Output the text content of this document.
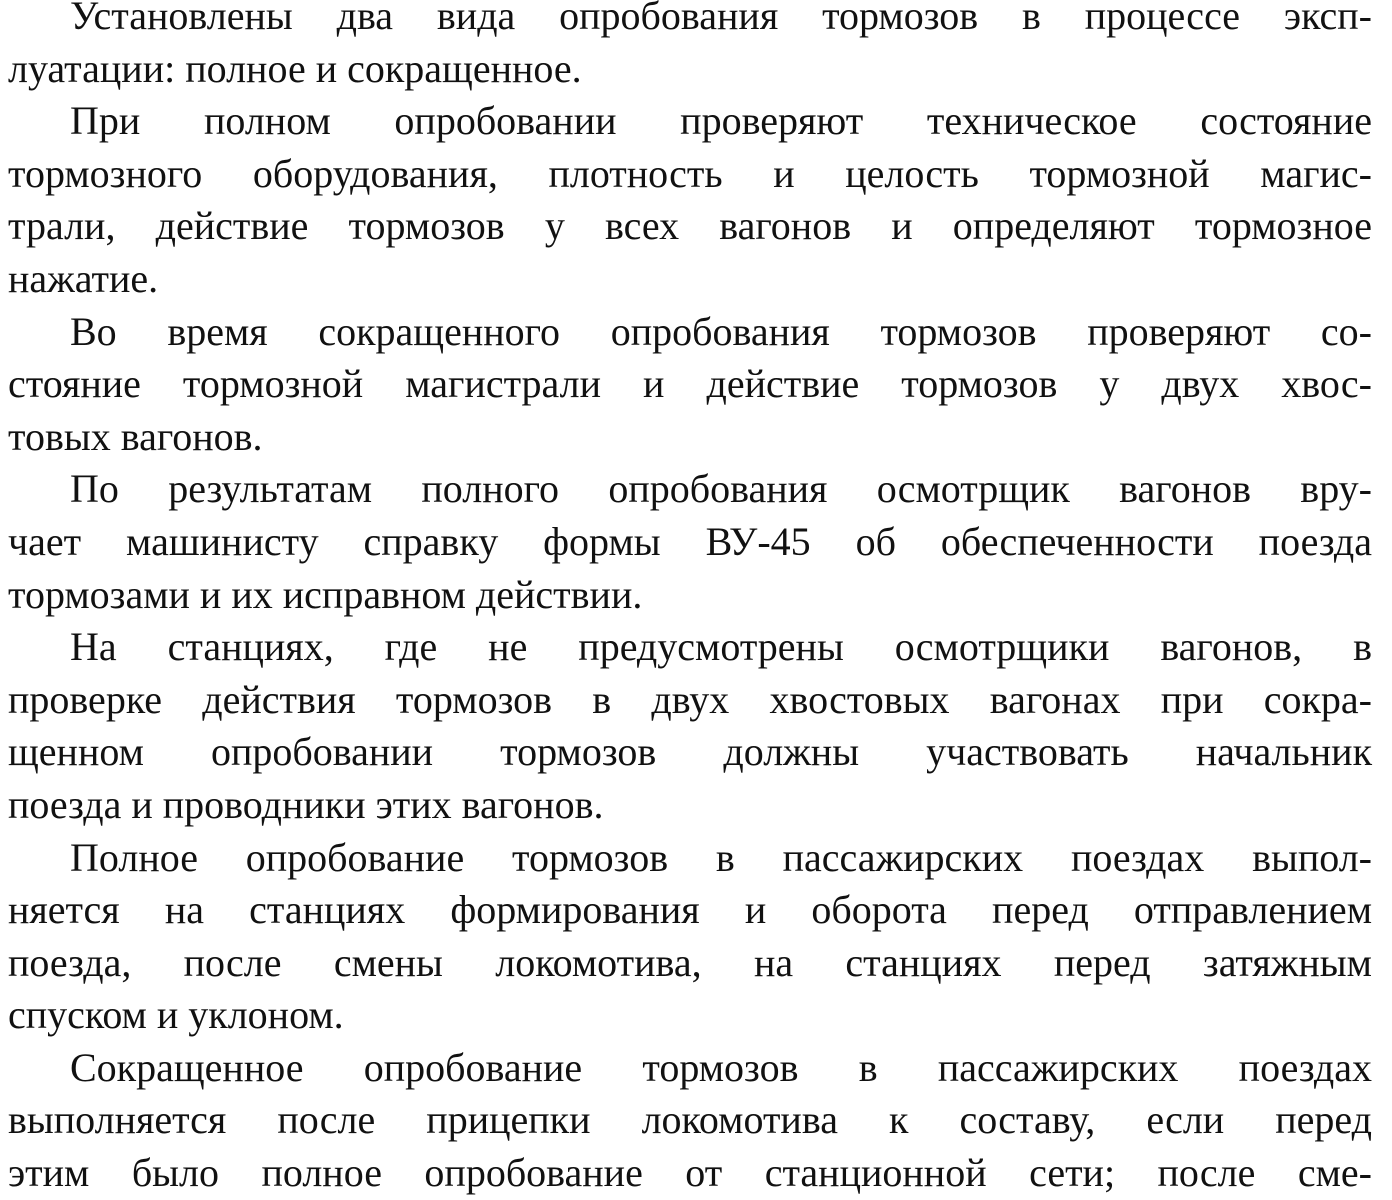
Установлены два вида опробования тормозов в процессе эксп-
луатации: полное и сокращенное.

При полном опробовании проверяют техническое состояние
тормозного оборудования, плотность и целость тормозной магис-
трали, действие тормозов у всех вагонов и определяют тормозное
нажатие.

Во время сокращенного опробования тормозов проверяют со-
стояние тормозной магистрали и действие тормозов у двух хвос-
товых вагонов.

По результатам полного опробования осмотрщик вагонов вру-
чает машинисту справку формы ВУ-45 об обеспеченности поезда
тормозами и их исправном действии.

На станциях, где не предусмотрены осмотрщики вагонов, в
проверке действия тормозов в двух хвостовых вагонах при сокра-
щенном опробовании тормозов должны участвовать начальник
поезда и проводники этих вагонов.

Полное опробование тормозов в пассажирских поездах выпол-
няется на станциях формирования и оборота перед отправлением
поезда, после смены локомотива, на станциях перед затяжным
спуском и уклоном.

Сокращенное опробование тормозов в пассажирских поездах
выполняется после прицепки локомотива к составу, если перед
этим было полное опробование от станционной сети; после сме-
